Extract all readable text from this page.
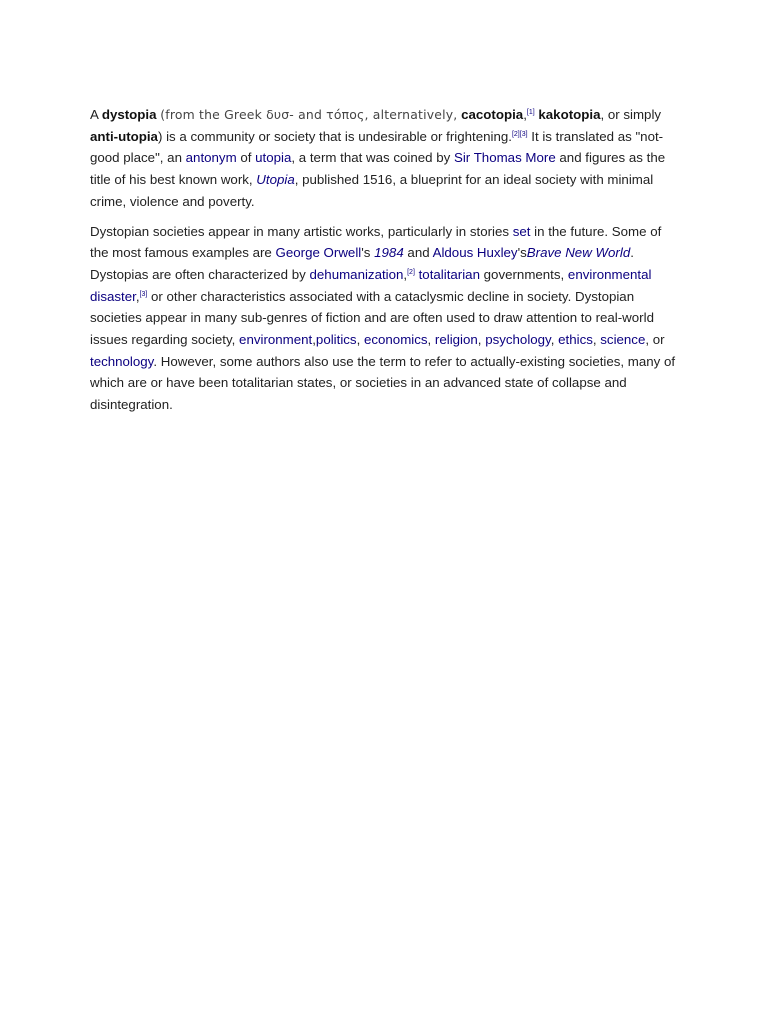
A dystopia (from the Greek δυσ- and τόπος, alternatively, cacotopia,[1] kakotopia, or simply anti-utopia) is a community or society that is undesirable or frightening.[2][3] It is translated as "not-good place", an antonym of utopia, a term that was coined by Sir Thomas More and figures as the title of his best known work, Utopia, published 1516, a blueprint for an ideal society with minimal crime, violence and poverty.

Dystopian societies appear in many artistic works, particularly in stories set in the future. Some of the most famous examples are George Orwell's 1984 and Aldous Huxley'sBrave New World. Dystopias are often characterized by dehumanization,[2] totalitarian governments, environmental disaster,[3] or other characteristics associated with a cataclysmic decline in society. Dystopian societies appear in many sub-genres of fiction and are often used to draw attention to real-world issues regarding society, environment,politics, economics, religion, psychology, ethics, science, or technology. However, some authors also use the term to refer to actually-existing societies, many of which are or have been totalitarian states, or societies in an advanced state of collapse and disintegration.
